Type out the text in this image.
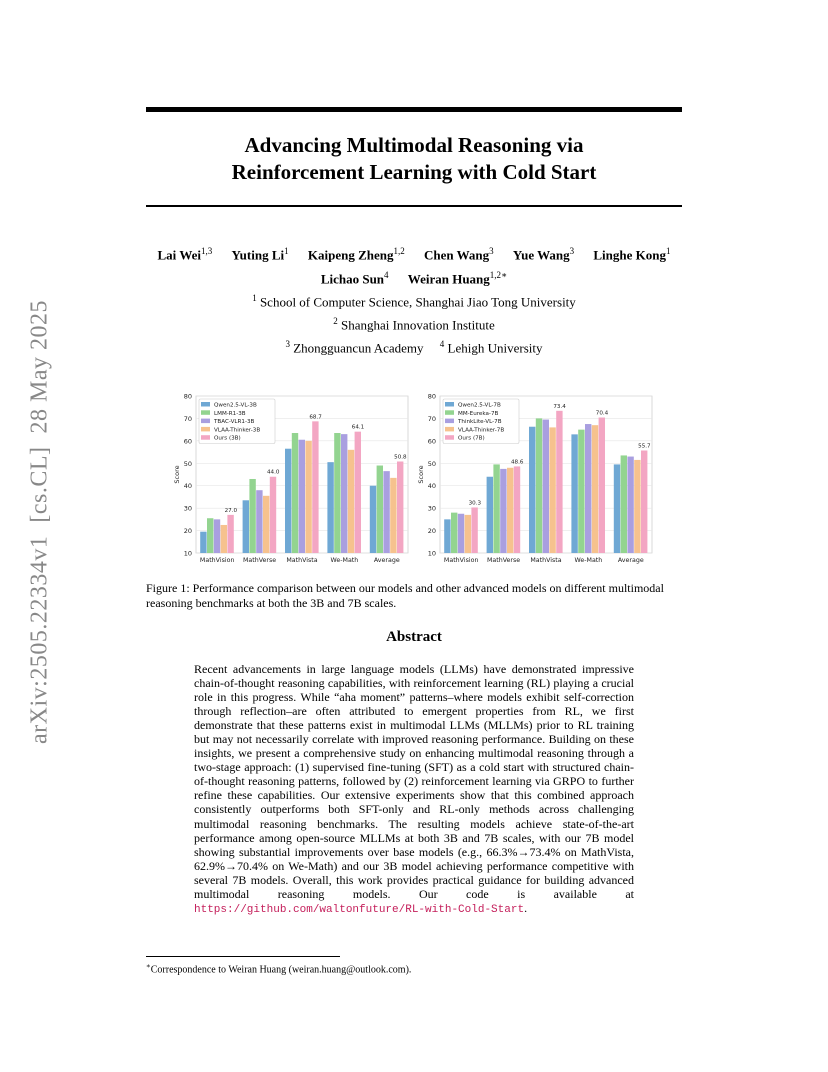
arXiv:2505.22334v1  [cs.CL]  28 May 2025
Advancing Multimodal Reasoning via
Reinforcement Learning with Cold Start
Lai Wei$^{1,3}$ Yuting Li$^1$ Kaipeng Zheng$^{1,2}$ Chen Wang$^3$ Yue Wang$^3$ Linghe Kong$^1$
Lichao Sun$^4$ Weiran Huang$^{1,2∗}$
$^1$ School of Computer Science, Shanghai Jiao Tong University
$^2$ Shanghai Innovation Institute
$^3$ Zhongguancun Academy $^4$ Lehigh University
10
20
30
40
50
60
70
80
Score
MathVision
27.0
MathVerse
44.0
MathVista
68.7
We-Math
64.1
Average
50.8
Qwen2.5-VL-3B
LMM-R1-3B
TBAC-VLR1-3B
VLAA-Thinker-3B
Ours (3B)
10
20
30
40
50
60
70
80
Score
MathVision
30.3
MathVerse
48.6
MathVista
73.4
We-Math
70.4
Average
55.7
Qwen2.5-VL-7B
MM-Eureka-7B
ThinkLite-VL-7B
VLAA-Thinker-7B
Ours (7B)
Figure 1: Performance comparison between our models and other advanced models on different multimodal reasoning benchmarks at both the 3B and 7B scales.
Abstract
Recent advancements in large language models (LLMs) have demonstrated impressive chain-of-thought reasoning capabilities, with reinforcement learning (RL) playing a crucial role in this progress. While “aha moment” patterns–where models exhibit self-correction through reflection–are often attributed to emergent properties from RL, we first demonstrate that these patterns exist in multimodal LLMs (MLLMs) prior to RL training but may not necessarily correlate with improved reasoning performance. Building on these insights, we present a comprehensive study on enhancing multimodal reasoning through a two-stage approach: (1) supervised fine-tuning (SFT) as a cold start with structured chain-of-thought reasoning patterns, followed by (2) reinforcement learning via GRPO to further refine these capabilities. Our extensive experiments show that this combined approach consistently outperforms both SFT-only and RL-only methods across challenging multimodal reasoning benchmarks. The resulting models achieve state-of-the-art performance among open-source MLLMs at both 3B and 7B scales, with our 7B model showing substantial improvements over base models (e.g., 66.3%→73.4% on MathVista, 62.9%→70.4% on We-Math) and our 3B model achieving performance competitive with several 7B models. Overall, this work provides practical guidance for building advanced multimodal reasoning models. Our code is available at https://github.com/waltonfuture/RL-with-Cold-Start.
∗Correspondence to Weiran Huang (weiran.huang@outlook.com).
